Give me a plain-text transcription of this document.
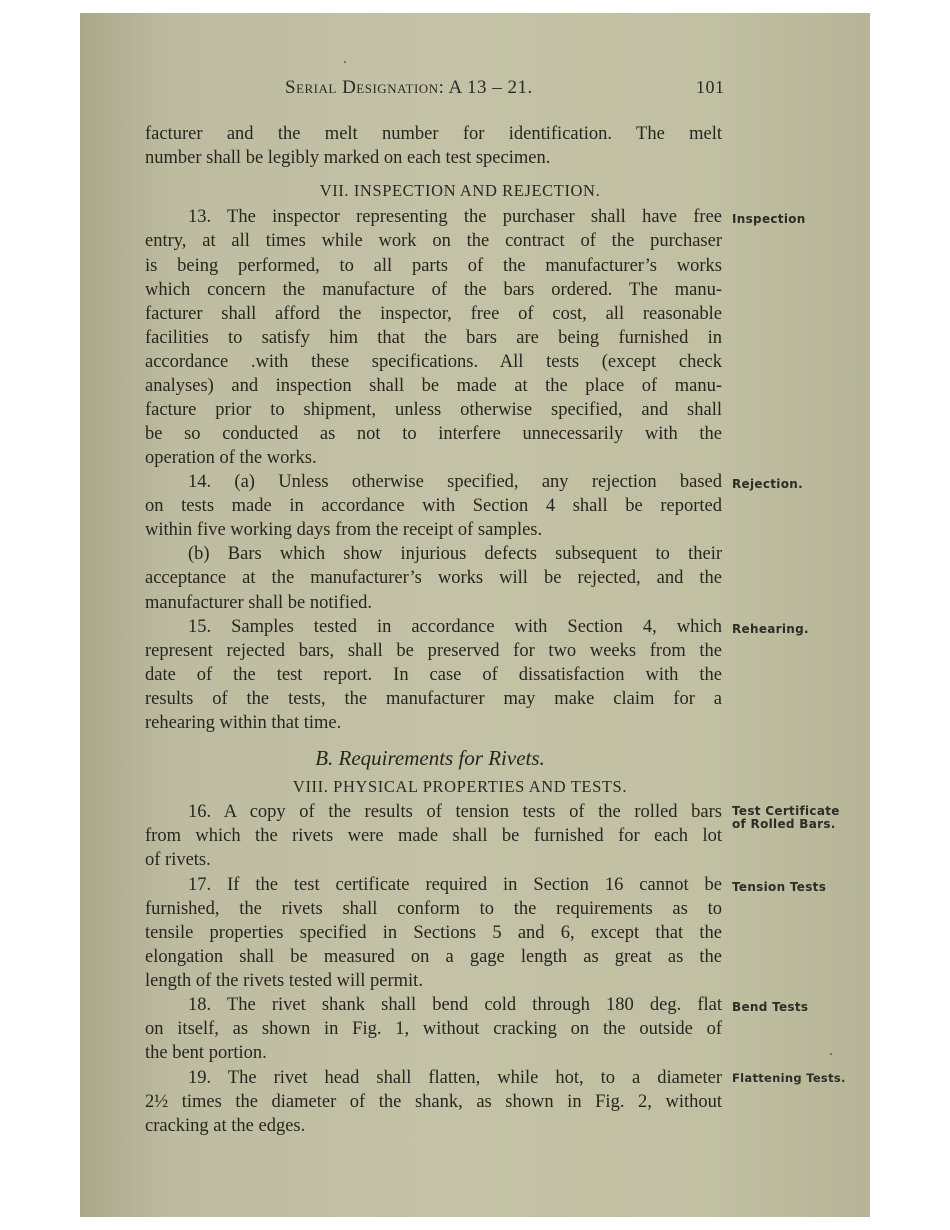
Serial Designation: A 13 – 21.	101
facturer and the melt number for identification. The melt
number shall be legibly marked on each test specimen.
VII. INSPECTION AND REJECTION.
13. The inspector representing the purchaser shall have free
entry, at all times while work on the contract of the purchaser
is being performed, to all parts of the manufacturer’s works
which concern the manufacture of the bars ordered. The manu-
facturer shall afford the inspector, free of cost, all reasonable
facilities to satisfy him that the bars are being furnished in
accordance .with these specifications. All tests (except check
analyses) and inspection shall be made at the place of manu-
facture prior to shipment, unless otherwise specified, and shall
be so conducted as not to interfere unnecessarily with the
operation of the works.
14. (a) Unless otherwise specified, any rejection based
on tests made in accordance with Section 4 shall be reported
within five working days from the receipt of samples.
(b) Bars which show injurious defects subsequent to their
acceptance at the manufacturer’s works will be rejected, and the
manufacturer shall be notified.
15. Samples tested in accordance with Section 4, which
represent rejected bars, shall be preserved for two weeks from the
date of the test report. In case of dissatisfaction with the
results of the tests, the manufacturer may make claim for a
rehearing within that time.
B. Requirements for Rivets.
VIII. PHYSICAL PROPERTIES AND TESTS.
16. A copy of the results of tension tests of the rolled bars
from which the rivets were made shall be furnished for each lot
of rivets.
17. If the test certificate required in Section 16 cannot be
furnished, the rivets shall conform to the requirements as to
tensile properties specified in Sections 5 and 6, except that the
elongation shall be measured on a gage length as great as the
length of the rivets tested will permit.
18. The rivet shank shall bend cold through 180 deg. flat
on itself, as shown in Fig. 1, without cracking on the outside of
the bent portion.
19. The rivet head shall flatten, while hot, to a diameter
2½ times the diameter of the shank, as shown in Fig. 2, without
cracking at the edges.
Inspection
Rejection.
Rehearing.
Test Certificate
of Rolled Bars.
Tension Tests
Bend Tests
Flattening Tests.
